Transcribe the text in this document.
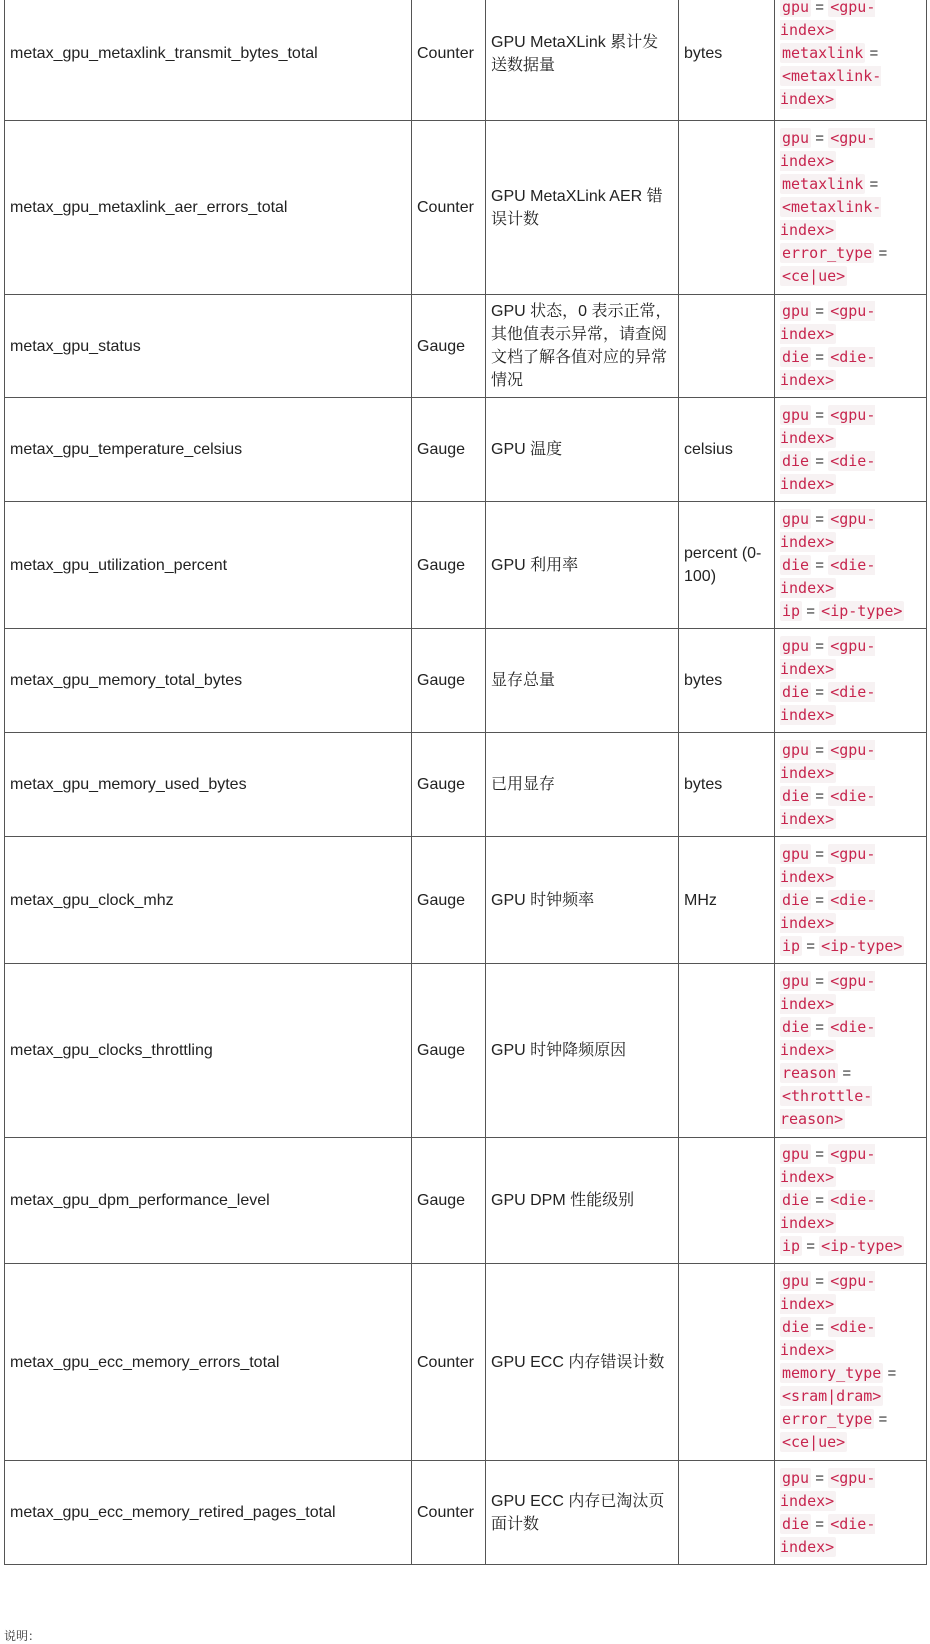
metax_gpu_metaxlink_transmit_bytes_total	Counter	GPU MetaXLink 累计发送数据量	bytes	gpu = <gpu-index>
metaxlink = <metaxlink-index>

metax_gpu_metaxlink_aer_errors_total	Counter	GPU MetaXLink AER 错误计数		gpu = <gpu-index>
metaxlink = <metaxlink-index>
error_type = <ce|ue>

metax_gpu_status	Gauge	GPU 状态，0 表示正常，其他值表示异常，请查阅文档了解各值对应的异常情况		gpu = <gpu-index>
die = <die-index>

metax_gpu_temperature_celsius	Gauge	GPU 温度	celsius	gpu = <gpu-index>
die = <die-index>

metax_gpu_utilization_percent	Gauge	GPU 利用率	percent (0-100)	gpu = <gpu-index>
die = <die-index>
ip = <ip-type>

metax_gpu_memory_total_bytes	Gauge	显存总量	bytes	gpu = <gpu-index>
die = <die-index>

metax_gpu_memory_used_bytes	Gauge	已用显存	bytes	gpu = <gpu-index>
die = <die-index>

metax_gpu_clock_mhz	Gauge	GPU 时钟频率	MHz	gpu = <gpu-index>
die = <die-index>
ip = <ip-type>

metax_gpu_clocks_throttling	Gauge	GPU 时钟降频原因		gpu = <gpu-index>
die = <die-index>
reason = <throttle-reason>

metax_gpu_dpm_performance_level	Gauge	GPU DPM 性能级别		gpu = <gpu-index>
die = <die-index>
ip = <ip-type>

metax_gpu_ecc_memory_errors_total	Counter	GPU ECC 内存错误计数		gpu = <gpu-index>
die = <die-index>
memory_type = <sram|dram>
error_type = <ce|ue>

metax_gpu_ecc_memory_retired_pages_total	Counter	GPU ECC 内存已淘汰页面计数		gpu = <gpu-index>
die = <die-index>
说明：
